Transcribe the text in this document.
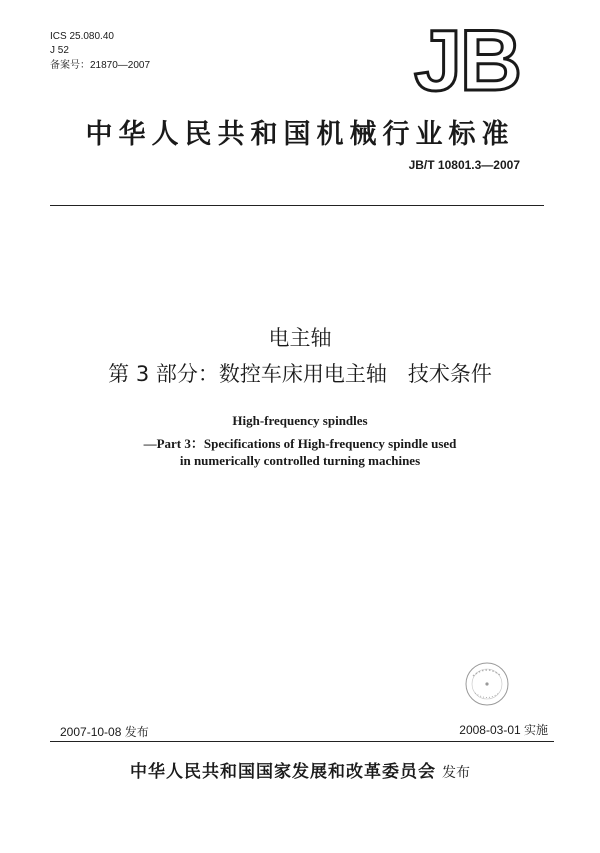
ICS 25.080.40
J 52
备案号：21870—2007	JB
中华人民共和国机械行业标准
JB/T 10801.3—2007
电主轴
第 3 部分：数控车床用电主轴　技术条件
High-frequency spindles
—Part 3：Specifications of High-frequency spindle used
in numerically controlled turning machines
2007-10-08 发布	2008-03-01 实施
中华人民共和国国家发展和改革委员会 发布
